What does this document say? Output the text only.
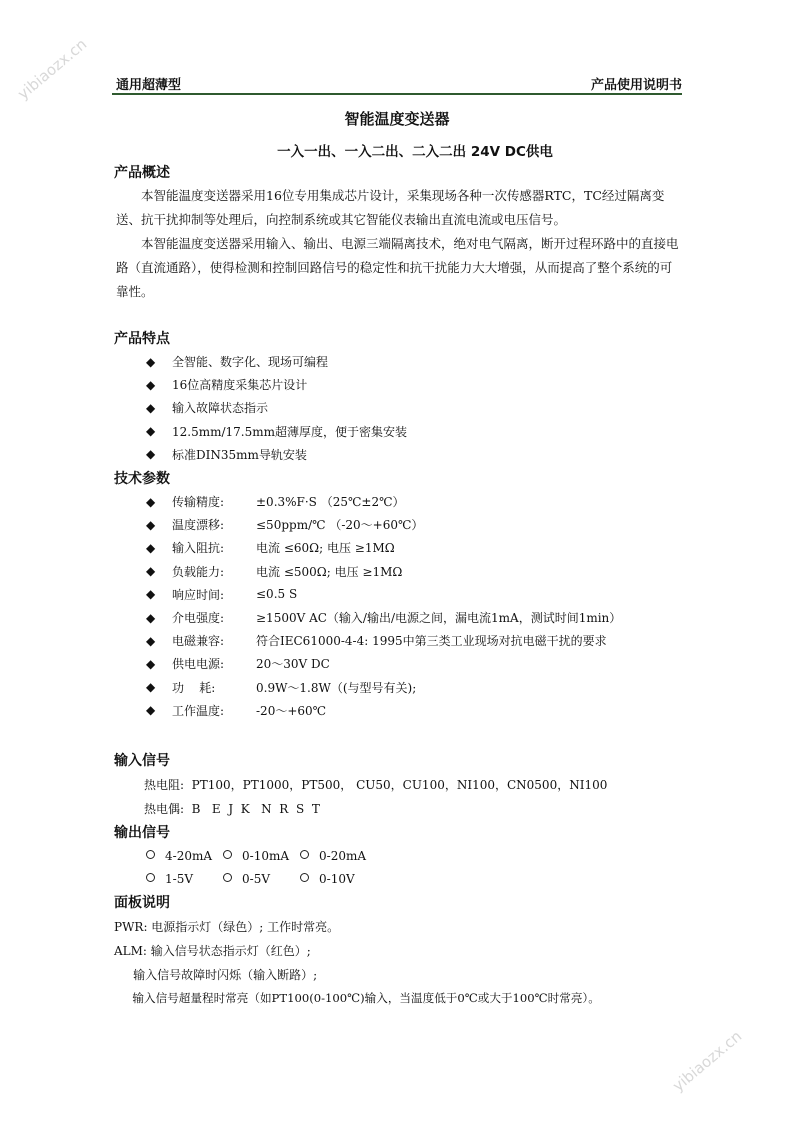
yibiaozx.cn
yibiaozx.cn
通用超薄型	产品使用说明书
智能温度变送器
一入一出、一入二出、二入二出 24V DC供电
产品概述
本智能温度变送器采用16位专用集成芯片设计，采集现场各种一次传感器RTC，TC经过隔离变送、抗干扰抑制等处理后，向控制系统或其它智能仪表输出直流电流或电压信号。
本智能温度变送器采用输入、输出、电源三端隔离技术，绝对电气隔离，断开过程环路中的直接电路（直流通路），使得检测和控制回路信号的稳定性和抗干扰能力大大增强，从而提高了整个系统的可靠性。
产品特点
◆	全智能、数字化、现场可编程
◆	16位高精度采集芯片设计
◆	输入故障状态指示
◆	12.5mm/17.5mm超薄厚度，便于密集安装
◆	标准DIN35mm导轨安装
技术参数
◆	传输精度:	±0.3%F·S （25℃±2℃）
◆	温度漂移:	≤50ppm/℃ （-20～+60℃）
◆	输入阻抗:	电流 ≤60Ω; 电压 ≥1MΩ
◆	负载能力:	电流 ≤500Ω; 电压 ≥1MΩ
◆	响应时间:	≤0.5 S
◆	介电强度:	≥1500V AC（输入/输出/电源之间，漏电流1mA，测试时间1min）
◆	电磁兼容:	符合IEC61000-4-4: 1995中第三类工业现场对抗电磁干扰的要求
◆	供电电源:	20～30V DC
◆	功    耗:	0.9W～1.8W（(与型号有关);
◆	工作温度:	-20～+60℃
输入信号
热电阻:  PT100，PT1000，PT500， CU50，CU100，NI100，CN0500，NI100
热电偶:  B   E  J  K   N  R  S  T
输出信号
4-20mA	0-10mA	0-20mA
1-5V	0-5V	0-10V
面板说明
PWR: 电源指示灯（绿色）; 工作时常亮。
ALM: 输入信号状态指示灯（红色）;
输入信号故障时闪烁（输入断路）;
输入信号超量程时常亮（如PT100(0-100℃)输入，当温度低于0℃或大于100℃时常亮）。
